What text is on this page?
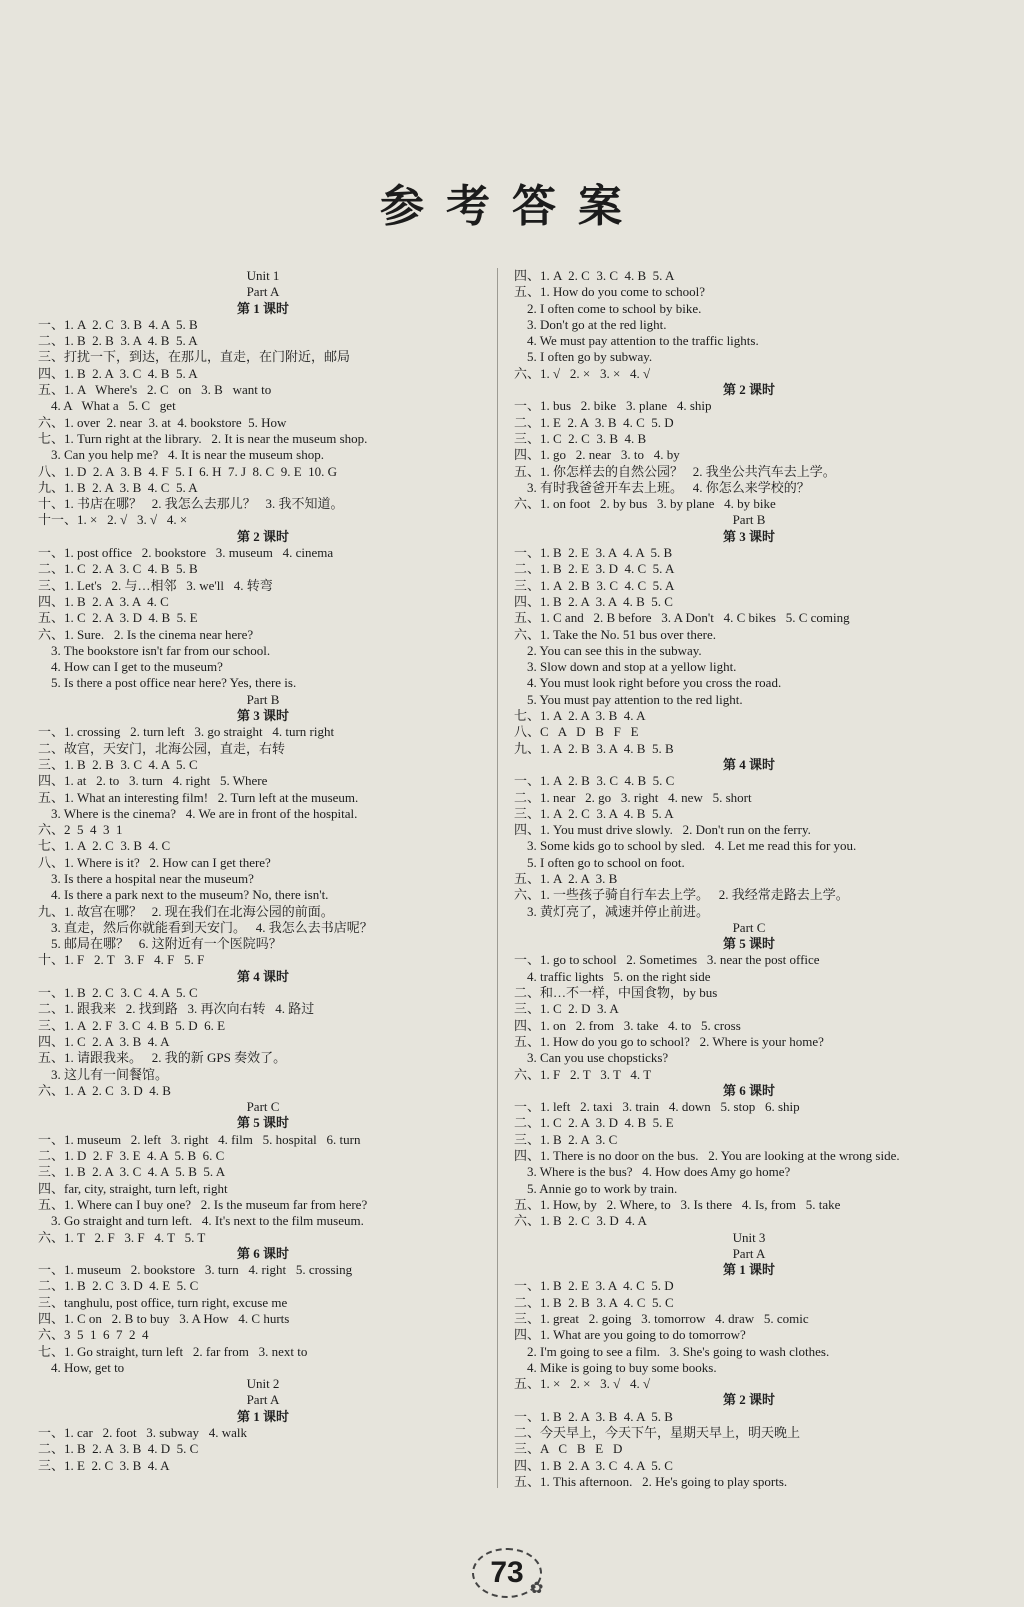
参考答案
Unit 1
Part A
第 1 课时
一、1. A  2. C  3. B  4. A  5. B
二、1. B  2. B  3. A  4. B  5. A
三、打扰一下，到达，在那儿，直走，在门附近，邮局
四、1. B  2. A  3. C  4. B  5. A
五、1. A   Where's   2. C   on   3. B   want to
4. A   What a   5. C   get
六、1. over  2. near  3. at  4. bookstore  5. How
七、1. Turn right at the library.   2. It is near the museum shop.
3. Can you help me?   4. It is near the museum shop.
八、1. D  2. A  3. B  4. F  5. I  6. H  7. J  8. C  9. E  10. G
九、1. B  2. A  3. B  4. C  5. A
十、1. 书店在哪？   2. 我怎么去那儿？   3. 我不知道。
十一、1. ×   2. √   3. √   4. ×
第 2 课时
一、1. post office   2. bookstore   3. museum   4. cinema
二、1. C  2. A  3. C  4. B  5. B
三、1. Let's   2. 与…相邻   3. we'll   4. 转弯
四、1. B  2. A  3. A  4. C
五、1. C  2. A  3. D  4. B  5. E
六、1. Sure.   2. Is the cinema near here?
3. The bookstore isn't far from our school.
4. How can I get to the museum?
5. Is there a post office near here? Yes, there is.
Part B
第 3 课时
一、1. crossing   2. turn left   3. go straight   4. turn right
二、故宫，天安门，北海公园，直走，右转
三、1. B  2. B  3. C  4. A  5. C
四、1. at   2. to   3. turn   4. right   5. Where
五、1. What an interesting film!   2. Turn left at the museum.
3. Where is the cinema?   4. We are in front of the hospital.
六、2  5  4  3  1
七、1. A  2. C  3. B  4. C
八、1. Where is it?   2. How can I get there?
3. Is there a hospital near the museum?
4. Is there a park next to the museum? No, there isn't.
九、1. 故宫在哪？   2. 现在我们在北海公园的前面。
3. 直走，然后你就能看到天安门。   4. 我怎么去书店呢？
5. 邮局在哪？   6. 这附近有一个医院吗？
十、1. F   2. T   3. F   4. F   5. F
第 4 课时
一、1. B  2. C  3. C  4. A  5. C
二、1. 跟我来   2. 找到路   3. 再次向右转   4. 路过
三、1. A  2. F  3. C  4. B  5. D  6. E
四、1. C  2. A  3. B  4. A
五、1. 请跟我来。   2. 我的新 GPS 奏效了。
3. 这儿有一间餐馆。
六、1. A  2. C  3. D  4. B
Part C
第 5 课时
一、1. museum   2. left   3. right   4. film   5. hospital   6. turn
二、1. D  2. F  3. E  4. A  5. B  6. C
三、1. B  2. A  3. C  4. A  5. B  5. A
四、far, city, straight, turn left, right
五、1. Where can I buy one?   2. Is the museum far from here?
3. Go straight and turn left.   4. It's next to the film museum.
六、1. T   2. F   3. F   4. T   5. T
第 6 课时
一、1. museum   2. bookstore   3. turn   4. right   5. crossing
二、1. B  2. C  3. D  4. E  5. C
三、tanghulu, post office, turn right, excuse me
四、1. C on   2. B to buy   3. A How   4. C hurts
六、3  5  1  6  7  2  4
七、1. Go straight, turn left   2. far from   3. next to
4. How, get to
Unit 2
Part A
第 1 课时
一、1. car   2. foot   3. subway   4. walk
二、1. B  2. A  3. B  4. D  5. C
三、1. E  2. C  3. B  4. A
四、1. A  2. C  3. C  4. B  5. A
五、1. How do you come to school?
2. I often come to school by bike.
3. Don't go at the red light.
4. We must pay attention to the traffic lights.
5. I often go by subway.
六、1. √   2. ×   3. ×   4. √
第 2 课时
一、1. bus   2. bike   3. plane   4. ship
二、1. E  2. A  3. B  4. C  5. D
三、1. C  2. C  3. B  4. B
四、1. go   2. near   3. to   4. by
五、1. 你怎样去的自然公园？   2. 我坐公共汽车去上学。
3. 有时我爸爸开车去上班。   4. 你怎么来学校的？
六、1. on foot   2. by bus   3. by plane   4. by bike
Part B
第 3 课时
一、1. B  2. E  3. A  4. A  5. B
二、1. B  2. E  3. D  4. C  5. A
三、1. A  2. B  3. C  4. C  5. A
四、1. B  2. A  3. A  4. B  5. C
五、1. C and   2. B before   3. A Don't   4. C bikes   5. C coming
六、1. Take the No. 51 bus over there.
2. You can see this in the subway.
3. Slow down and stop at a yellow light.
4. You must look right before you cross the road.
5. You must pay attention to the red light.
七、1. A  2. A  3. B  4. A
八、C   A   D   B   F   E
九、1. A  2. B  3. A  4. B  5. B
第 4 课时
一、1. A  2. B  3. C  4. B  5. C
二、1. near   2. go   3. right   4. new   5. short
三、1. A  2. C  3. A  4. B  5. A
四、1. You must drive slowly.   2. Don't run on the ferry.
3. Some kids go to school by sled.   4. Let me read this for you.
5. I often go to school on foot.
五、1. A  2. A  3. B
六、1. 一些孩子骑自行车去上学。   2. 我经常走路去上学。
3. 黄灯亮了，减速并停止前进。
Part C
第 5 课时
一、1. go to school   2. Sometimes   3. near the post office
4. traffic lights   5. on the right side
二、和…不一样，中国食物，by bus
三、1. C  2. D  3. A
四、1. on   2. from   3. take   4. to   5. cross
五、1. How do you go to school?   2. Where is your home?
3. Can you use chopsticks?
六、1. F   2. T   3. T   4. T
第 6 课时
一、1. left   2. taxi   3. train   4. down   5. stop   6. ship
二、1. C  2. A  3. D  4. B  5. E
三、1. B  2. A  3. C
四、1. There is no door on the bus.   2. You are looking at the wrong side.
3. Where is the bus?   4. How does Amy go home?
5. Annie go to work by train.
五、1. How, by   2. Where, to   3. Is there   4. Is, from   5. take
六、1. B  2. C  3. D  4. A
Unit 3
Part A
第 1 课时
一、1. B  2. E  3. A  4. C  5. D
二、1. B  2. B  3. A  4. C  5. C
三、1. great   2. going   3. tomorrow   4. draw   5. comic
四、1. What are you going to do tomorrow?
2. I'm going to see a film.   3. She's going to wash clothes.
4. Mike is going to buy some books.
五、1. ×   2. ×   3. √   4. √
第 2 课时
一、1. B  2. A  3. B  4. A  5. B
二、今天早上，今天下午，星期天早上，明天晚上
三、A   C   B   E   D
四、1. B  2. A  3. C  4. A  5. C
五、1. This afternoon.   2. He's going to play sports.
73 ✿
